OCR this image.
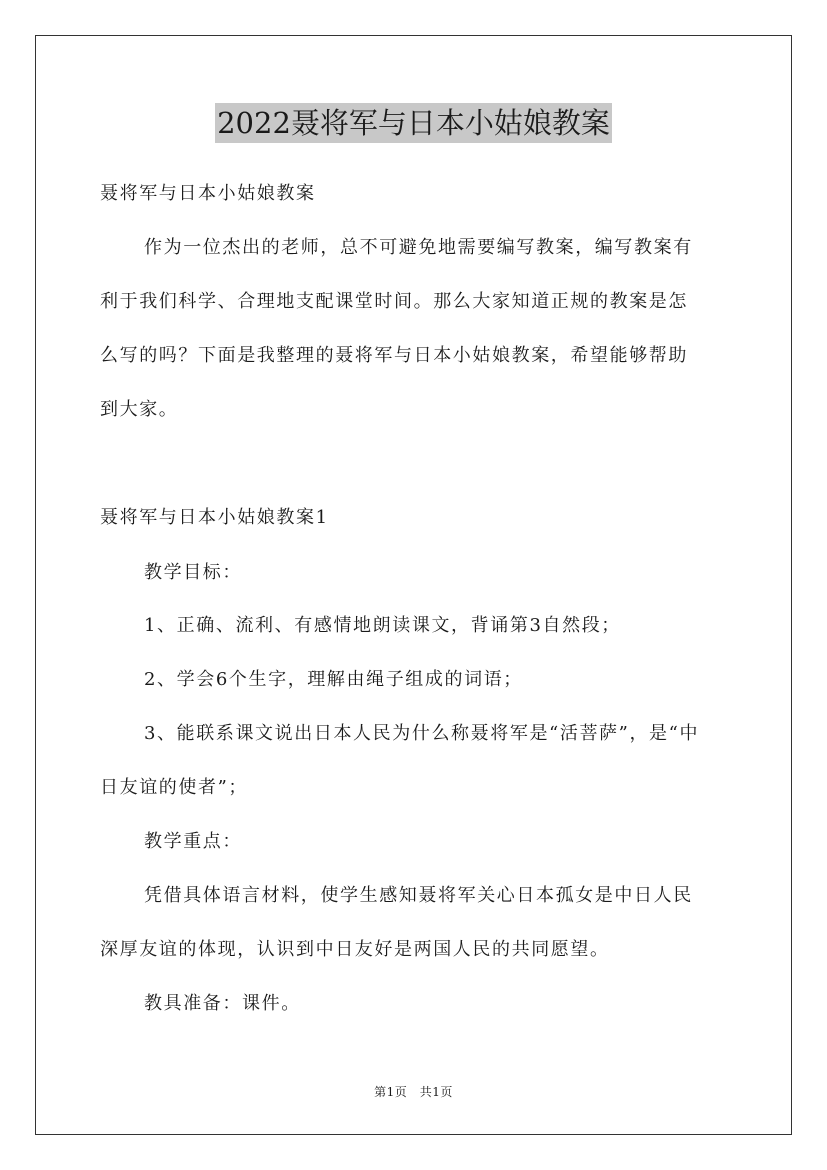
2022聂将军与日本小姑娘教案
聂将军与日本小姑娘教案
作为一位杰出的老师，总不可避免地需要编写教案，编写教案有
利于我们科学、合理地支配课堂时间。那么大家知道正规的教案是怎
么写的吗？下面是我整理的聂将军与日本小姑娘教案，希望能够帮助
到大家。
聂将军与日本小姑娘教案1
教学目标：
1、正确、流利、有感情地朗读课文，背诵第3自然段；
2、学会6个生字，理解由绳子组成的词语；
3、能联系课文说出日本人民为什么称聂将军是“活菩萨”，是“中
日友谊的使者”；
教学重点：
凭借具体语言材料，使学生感知聂将军关心日本孤女是中日人民
深厚友谊的体现，认识到中日友好是两国人民的共同愿望。
教具准备：课件。
第1页　共1页
